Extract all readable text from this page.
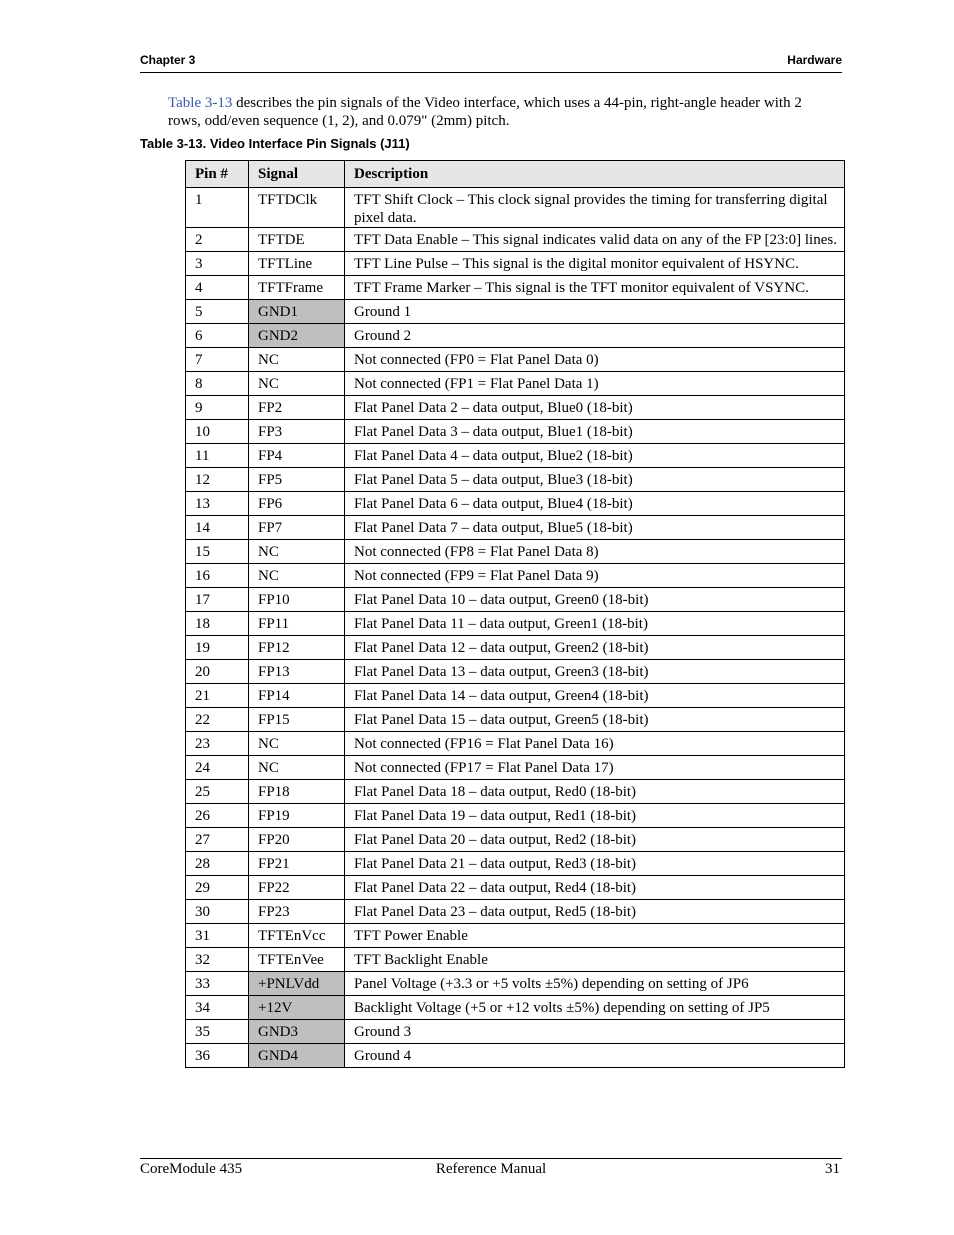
Chapter 3	Hardware
Table 3-13 describes the pin signals of the Video interface, which uses a 44-pin, right-angle header with 2 rows, odd/even sequence (1, 2), and 0.079" (2mm) pitch.
Table 3-13. Video Interface Pin Signals (J11)
Pin #	Signal	Description
1	TFTDClk	TFT Shift Clock – This clock signal provides the timing for transferring digital pixel data.
2	TFTDE	TFT Data Enable – This signal indicates valid data on any of the FP [23:0] lines.
3	TFTLine	TFT Line Pulse – This signal is the digital monitor equivalent of HSYNC.
4	TFTFrame	TFT Frame Marker – This signal is the TFT monitor equivalent of VSYNC.
5	GND1	Ground 1
6	GND2	Ground 2
7	NC	Not connected (FP0 = Flat Panel Data 0)
8	NC	Not connected (FP1 = Flat Panel Data 1)
9	FP2	Flat Panel Data 2 – data output, Blue0 (18-bit)
10	FP3	Flat Panel Data 3 – data output, Blue1 (18-bit)
11	FP4	Flat Panel Data 4 – data output, Blue2 (18-bit)
12	FP5	Flat Panel Data 5 – data output, Blue3 (18-bit)
13	FP6	Flat Panel Data 6 – data output, Blue4 (18-bit)
14	FP7	Flat Panel Data 7 – data output, Blue5 (18-bit)
15	NC	Not connected (FP8 = Flat Panel Data 8)
16	NC	Not connected (FP9 = Flat Panel Data 9)
17	FP10	Flat Panel Data 10 – data output, Green0 (18-bit)
18	FP11	Flat Panel Data 11 – data output, Green1 (18-bit)
19	FP12	Flat Panel Data 12 – data output, Green2 (18-bit)
20	FP13	Flat Panel Data 13 – data output, Green3 (18-bit)
21	FP14	Flat Panel Data 14 – data output, Green4 (18-bit)
22	FP15	Flat Panel Data 15 – data output, Green5 (18-bit)
23	NC	Not connected (FP16 = Flat Panel Data 16)
24	NC	Not connected (FP17 = Flat Panel Data 17)
25	FP18	Flat Panel Data 18 – data output, Red0 (18-bit)
26	FP19	Flat Panel Data 19 – data output, Red1 (18-bit)
27	FP20	Flat Panel Data 20 – data output, Red2 (18-bit)
28	FP21	Flat Panel Data 21 – data output, Red3 (18-bit)
29	FP22	Flat Panel Data 22 – data output, Red4 (18-bit)
30	FP23	Flat Panel Data 23 – data output, Red5 (18-bit)
31	TFTEnVcc	TFT Power Enable
32	TFTEnVee	TFT Backlight Enable
33	+PNLVdd	Panel Voltage (+3.3 or +5 volts ±5%) depending on setting of JP6
34	+12V	Backlight Voltage (+5 or +12 volts ±5%) depending on setting of JP5
35	GND3	Ground 3
36	GND4	Ground 4
CoreModule 435	Reference Manual	31
